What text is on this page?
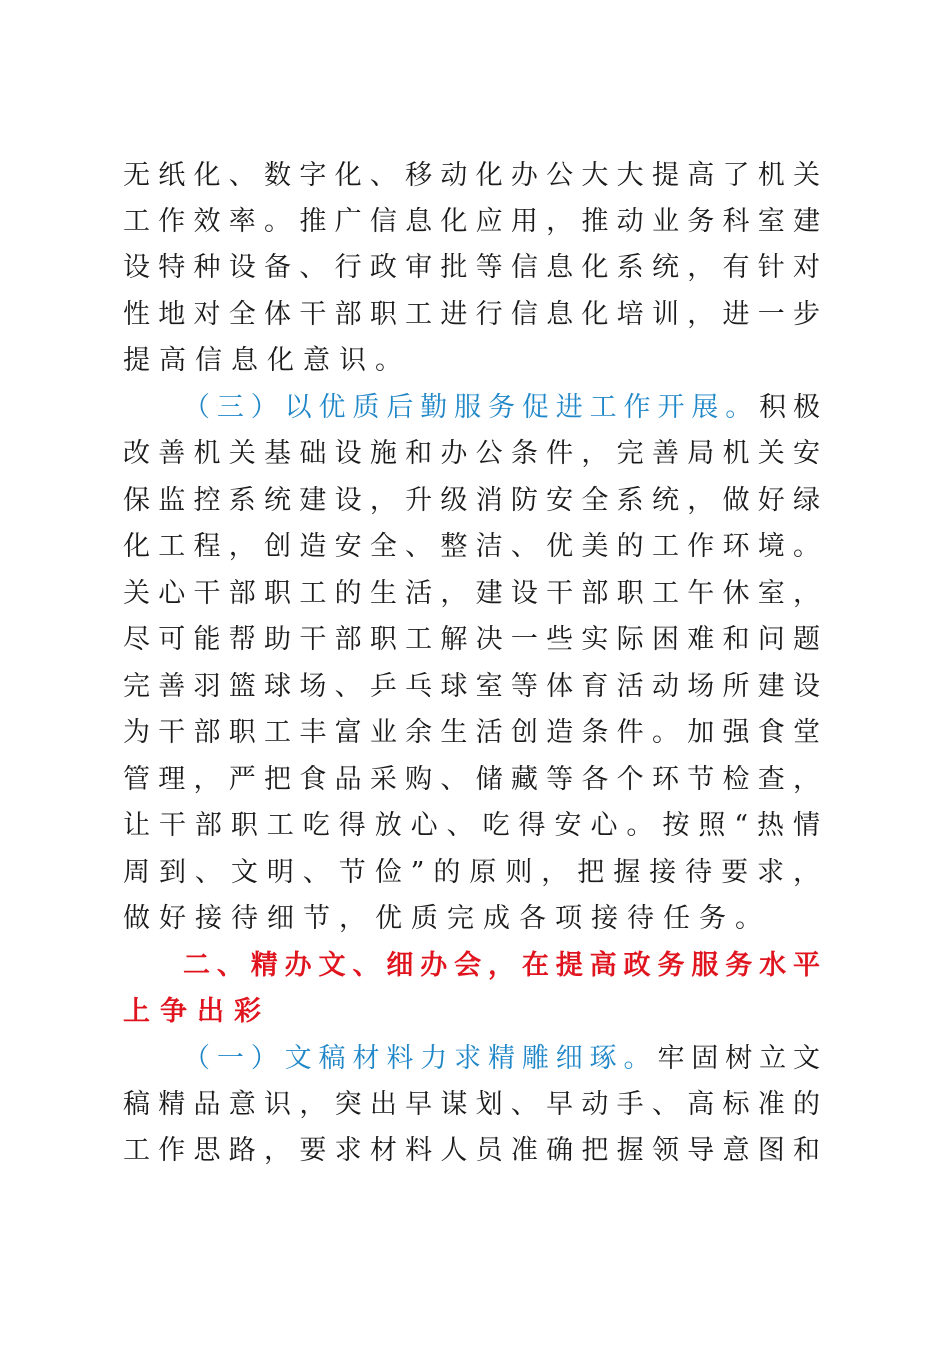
无纸化、数字化、移动化办公大大提高了机关
工作效率。推广信息化应用，推动业务科室建
设特种设备、行政审批等信息化系统，有针对
性地对全体干部职工进行信息化培训，进一步
提高信息化意识。
（三）以优质后勤服务促进工作开展。积极
改善机关基础设施和办公条件，完善局机关安
保监控系统建设，升级消防安全系统，做好绿
化工程，创造安全、整洁、优美的工作环境。
关心干部职工的生活，建设干部职工午休室，
尽可能帮助干部职工解决一些实际困难和问题
完善羽篮球场、乒乓球室等体育活动场所建设
为干部职工丰富业余生活创造条件。加强食堂
管理，严把食品采购、储藏等各个环节检查，
让干部职工吃得放心、吃得安心。按照“热情
周到、文明、节俭”的原则，把握接待要求，
做好接待细节，优质完成各项接待任务。
二、精办文、细办会，在提高政务服务水平
上争出彩
（一）文稿材料力求精雕细琢。牢固树立文
稿精品意识，突出早谋划、早动手、高标准的
工作思路，要求材料人员准确把握领导意图和
